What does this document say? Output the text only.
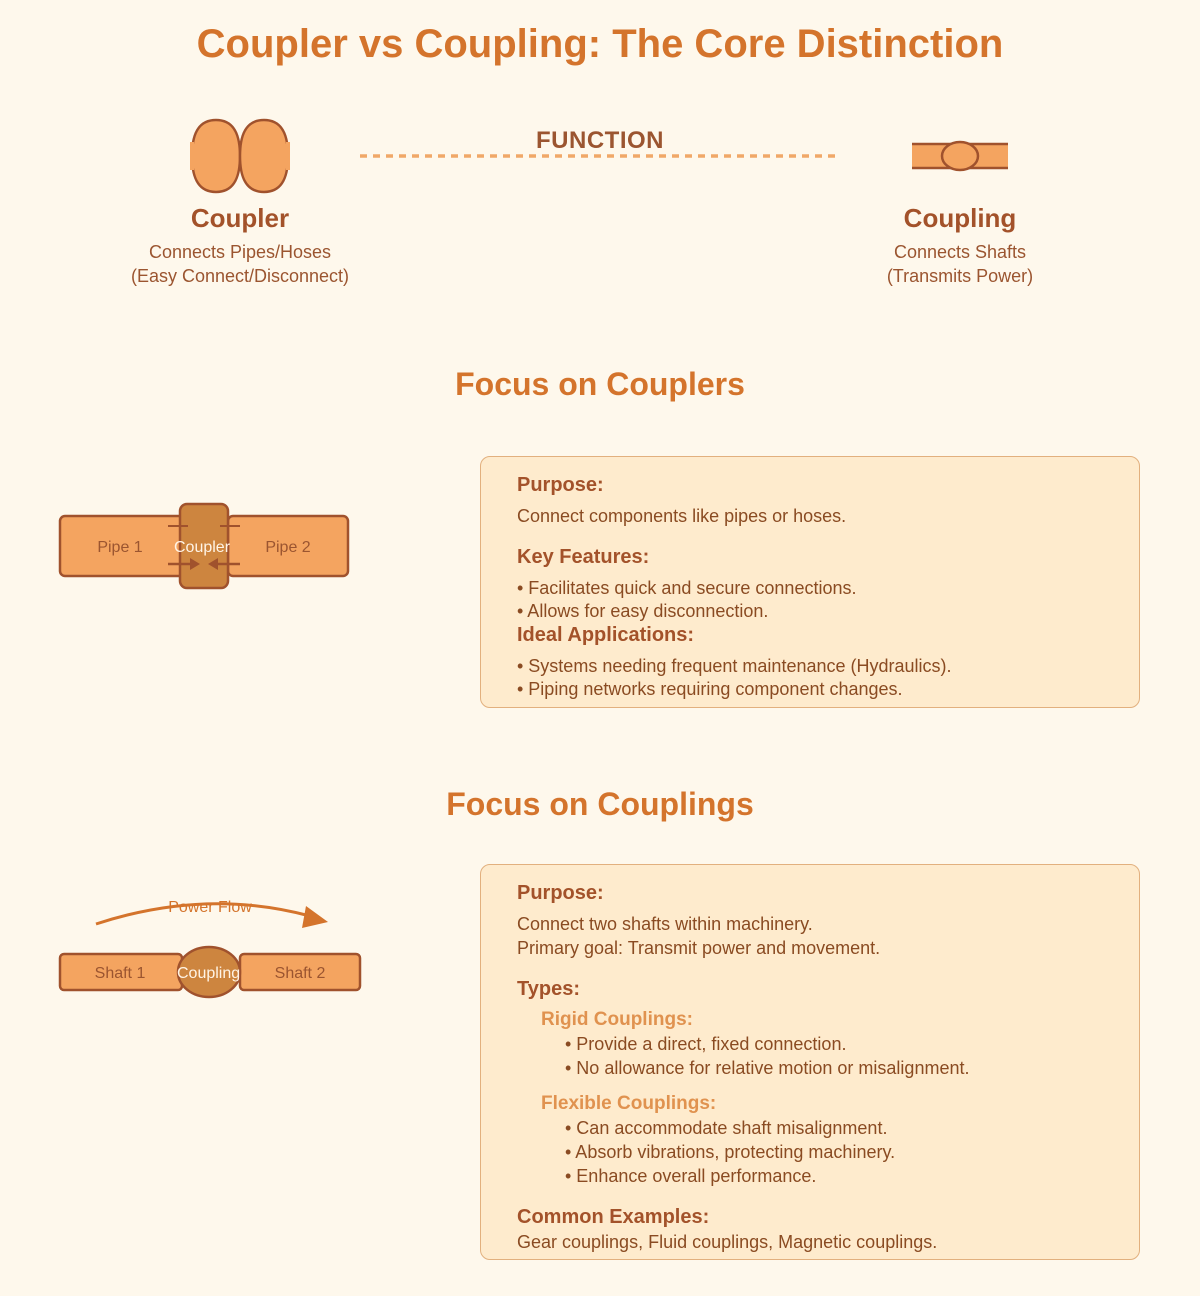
Coupler vs Coupling: The Core Distinction
Coupler
Connects Pipes/Hoses
(Easy Connect/Disconnect)
FUNCTION
Coupling
Connects Shafts
(Transmits Power)
Focus on Couplers
Pipe 1	Pipe 2
Coupler
Purpose:
Connect components like pipes or hoses.
Key Features:
• Facilitates quick and secure connections.
• Allows for easy disconnection.
Ideal Applications:
• Systems needing frequent maintenance (Hydraulics).
• Piping networks requiring component changes.
Focus on Couplings
Power Flow
Shaft 1	Shaft 2
Coupling
Purpose:
Connect two shafts within machinery.
Primary goal: Transmit power and movement.
Types:
Rigid Couplings:
• Provide a direct, fixed connection.
• No allowance for relative motion or misalignment.
Flexible Couplings:
• Can accommodate shaft misalignment.
• Absorb vibrations, protecting machinery.
• Enhance overall performance.
Common Examples:
Gear couplings, Fluid couplings, Magnetic couplings.
